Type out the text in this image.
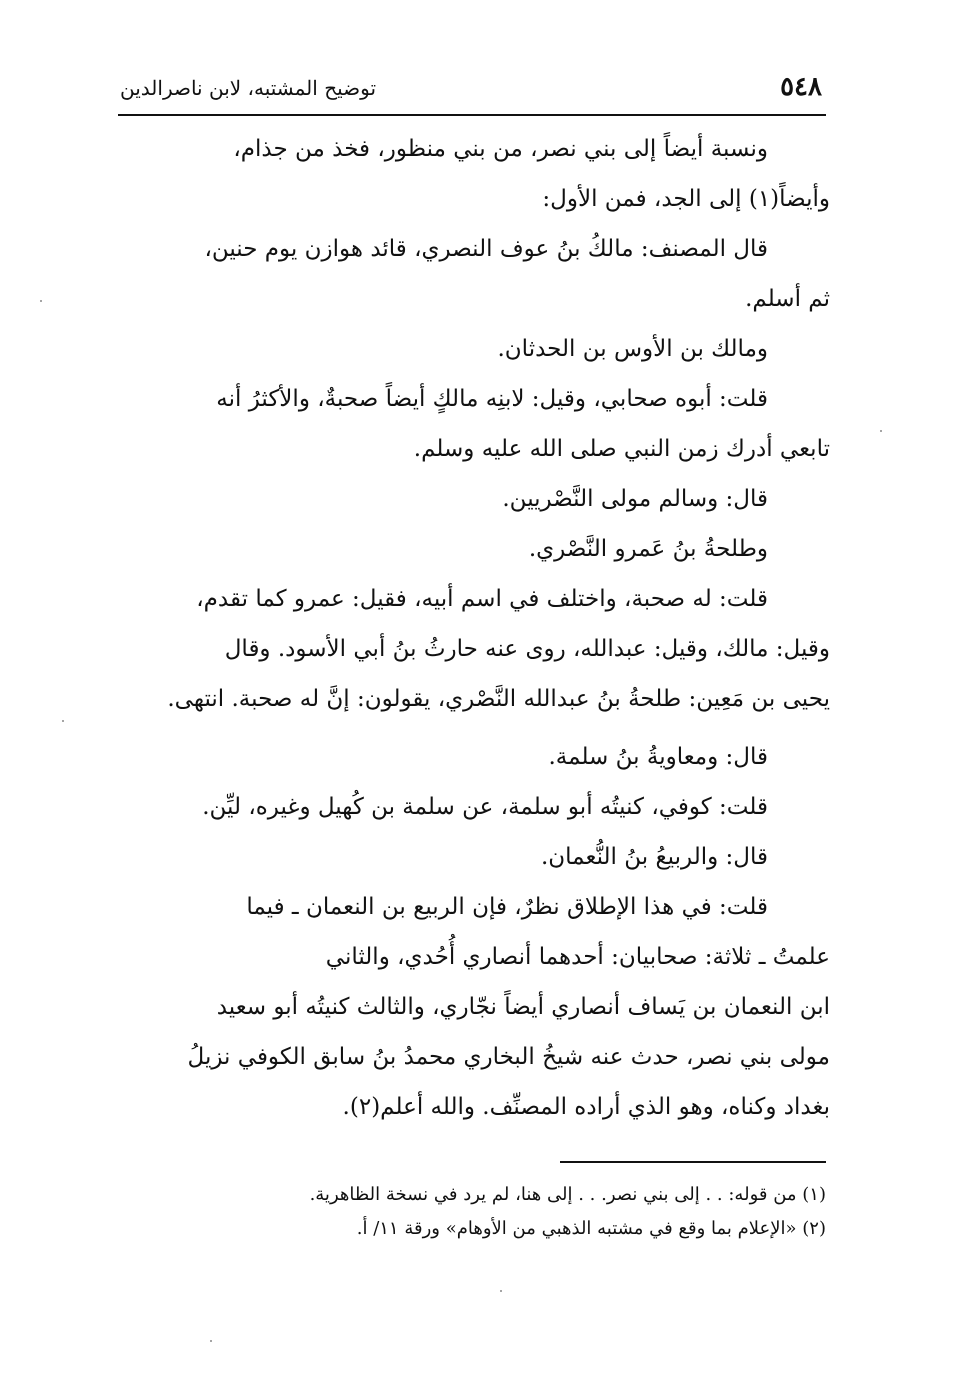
٥٤٨
توضيح المشتبه، لابن ناصرالدين

ونسبة أيضاً إلى بني نصر، من بني منظور، فخذ من جذام،

وأيضاً(١) إلى الجد، فمن الأول:

قال المصنف: مالكُ بنُ عوف النصري، قائد هوازن يوم حنين،

ثم أسلم.

ومالك بن الأوس بن الحدثان.

قلت: أبوه صحابي، وقيل: لابنِه مالكٍ أيضاً صحبةٌ، والأكثرُ أنه

تابعي أدرك زمن النبي صلى الله عليه وسلم.

قال: وسالم مولى النَّصْريين.

وطلحةُ بنُ عَمرو النَّصْري.

قلت: له صحبة، واختلف في اسم أبيه، فقيل: عمرو كما تقدم،

وقيل: مالك، وقيل: عبدالله، روى عنه حارثُ بنُ أبي الأسود. وقال

يحيى بن مَعِين: طلحةُ بنُ عبدالله النَّصْري، يقولون: إنَّ له صحبة. انتهى.

قال: ومعاويةُ بنُ سلمة.

قلت: كوفي، كنيتُه أبو سلمة، عن سلمة بن كُهيل وغيره، ليِّن.

قال: والربيعُ بنُ النُّعمان.

قلت: في هذا الإطلاق نظرٌ، فإن الربيع بن النعمان ـ فيما

علمتُ ـ ثلاثة: صحابيان: أحدهما أنصاري أُحُدي، والثاني

ابن النعمان بن يَساف أنصاري أيضاً نجّاري، والثالث كنيتُه أبو سعيد

مولى بني نصر، حدث عنه شيخُ البخاري محمدُ بنُ سابق الكوفي نزيلُ

بغداد وكناه، وهو الذي أراده المصنِّف. والله أعلم(٢).

(١) من قوله: . . إلى بني نصر. . . إلى هنا، لم يرد في نسخة الظاهرية.

(٢) «الإعلام بما وقع في مشتبه الذهبي من الأوهام» ورقة ١١/ أ.
